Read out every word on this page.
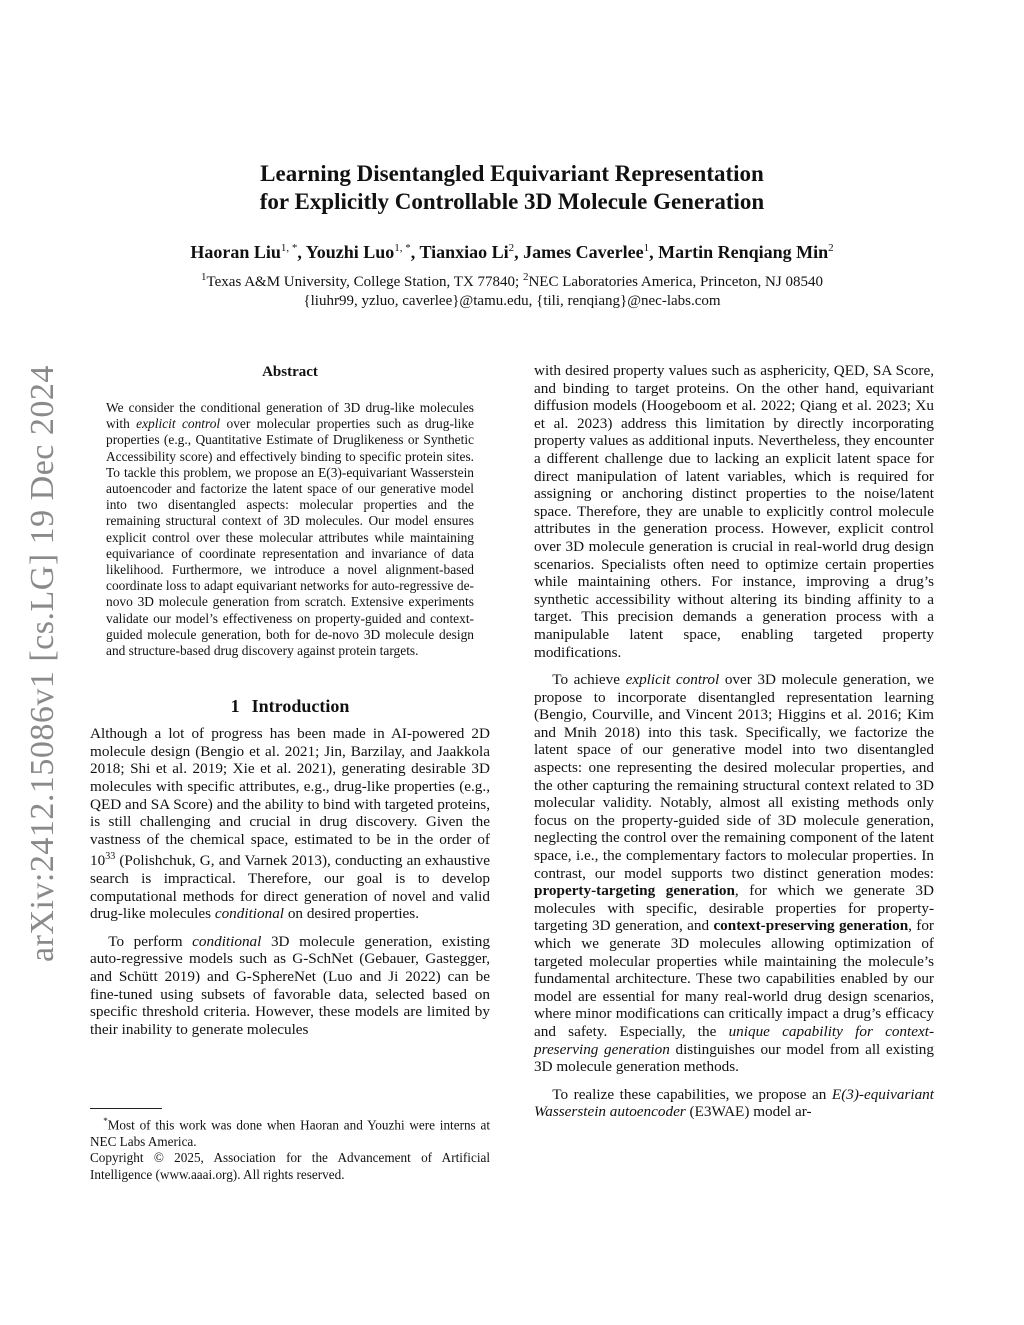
arXiv:2412.15086v1 [cs.LG] 19 Dec 2024
Learning Disentangled Equivariant Representation
for Explicitly Controllable 3D Molecule Generation
Haoran Liu$^{1, *}$, Youzhi Luo$^{1, *}$, Tianxiao Li$^2$, James Caverlee$^1$, Martin Renqiang Min$^2$
$^1$Texas A&M University, College Station, TX 77840; $^2$NEC Laboratories America, Princeton, NJ 08540
{liuhr99, yzluo, caverlee}@tamu.edu, {tili, renqiang}@nec-labs.com
Abstract

We consider the conditional generation of 3D drug-like molecules with explicit control over molecular properties such as drug-like properties (e.g., Quantitative Estimate of Druglikeness or Synthetic Accessibility score) and effectively binding to specific protein sites. To tackle this problem, we propose an E(3)-equivariant Wasserstein autoencoder and factorize the latent space of our generative model into two disentangled aspects: molecular properties and the remaining structural context of 3D molecules. Our model ensures explicit control over these molecular attributes while maintaining equivariance of coordinate representation and invariance of data likelihood. Furthermore, we introduce a novel alignment-based coordinate loss to adapt equivariant networks for auto-regressive de-novo 3D molecule generation from scratch. Extensive experiments validate our model’s effectiveness on property-guided and context-guided molecule generation, both for de-novo 3D molecule design and structure-based drug discovery against protein targets.

1 Introduction

Although a lot of progress has been made in AI-powered 2D molecule design (Bengio et al. 2021; Jin, Barzilay, and Jaakkola 2018; Shi et al. 2019; Xie et al. 2021), generating desirable 3D molecules with specific attributes, e.g., drug-like properties (e.g., QED and SA Score) and the ability to bind with targeted proteins, is still challenging and crucial in drug discovery. Given the vastness of the chemical space, estimated to be in the order of $10^{33}$ (Polishchuk, G, and Varnek 2013), conducting an exhaustive search is impractical. Therefore, our goal is to develop computational methods for direct generation of novel and valid drug-like molecules conditional on desired properties.

To perform conditional 3D molecule generation, existing auto-regressive models such as G-SchNet (Gebauer, Gastegger, and Schütt 2019) and G-SphereNet (Luo and Ji 2022) can be fine-tuned using subsets of favorable data, selected based on specific threshold criteria. However, these models are limited by their inability to generate molecules

*Most of this work was done when Haoran and Youzhi were interns at NEC Labs America.

Copyright © 2025, Association for the Advancement of Artificial Intelligence (www.aaai.org). All rights reserved.

with desired property values such as asphericity, QED, SA Score, and binding to target proteins. On the other hand, equivariant diffusion models (Hoogeboom et al. 2022; Qiang et al. 2023; Xu et al. 2023) address this limitation by directly incorporating property values as additional inputs. Nevertheless, they encounter a different challenge due to lacking an explicit latent space for direct manipulation of latent variables, which is required for assigning or anchoring distinct properties to the noise/latent space. Therefore, they are unable to explicitly control molecule attributes in the generation process. However, explicit control over 3D molecule generation is crucial in real-world drug design scenarios. Specialists often need to optimize certain properties while maintaining others. For instance, improving a drug’s synthetic accessibility without altering its binding affinity to a target. This precision demands a generation process with a manipulable latent space, enabling targeted property modifications.

To achieve explicit control over 3D molecule generation, we propose to incorporate disentangled representation learning (Bengio, Courville, and Vincent 2013; Higgins et al. 2016; Kim and Mnih 2018) into this task. Specifically, we factorize the latent space of our generative model into two disentangled aspects: one representing the desired molecular properties, and the other capturing the remaining structural context related to 3D molecular validity. Notably, almost all existing methods only focus on the property-guided side of 3D molecule generation, neglecting the control over the remaining component of the latent space, i.e., the complementary factors to molecular properties. In contrast, our model supports two distinct generation modes: property-targeting generation, for which we generate 3D molecules with specific, desirable properties for property-targeting 3D generation, and context-preserving generation, for which we generate 3D molecules allowing optimization of targeted molecular properties while maintaining the molecule’s fundamental architecture. These two capabilities enabled by our model are essential for many real-world drug design scenarios, where minor modifications can critically impact a drug’s efficacy and safety. Especially, the unique capability for context-preserving generation distinguishes our model from all existing 3D molecule generation methods.

To realize these capabilities, we propose an E(3)-equivariant Wasserstein autoencoder (E3WAE) model ar-
